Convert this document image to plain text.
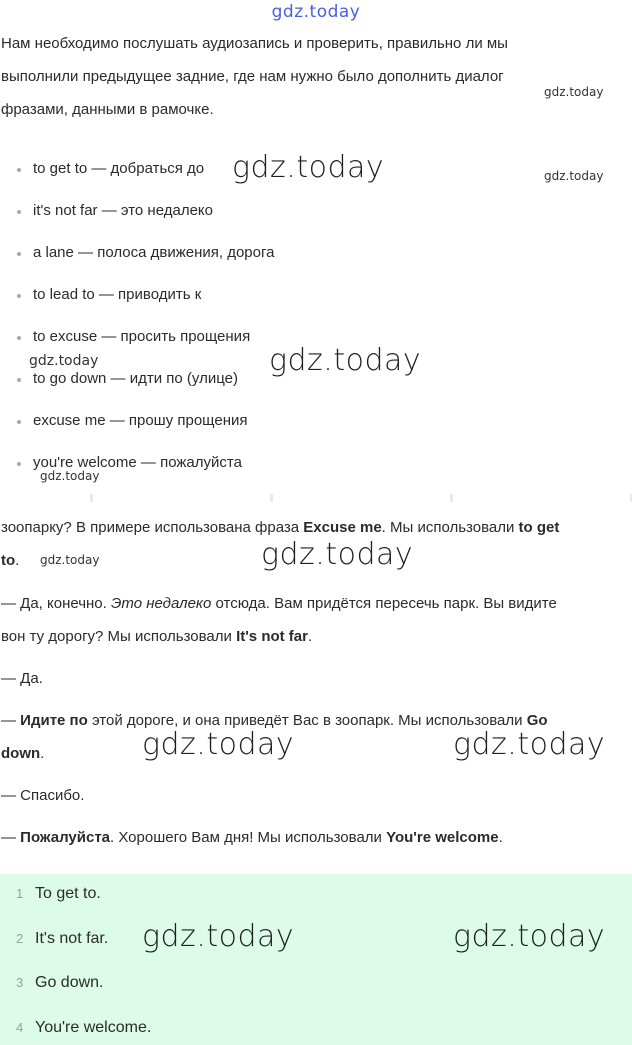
gdz.today

Нам необходимо послушать аудиозапись и проверить, правильно ли мы

выполнили предыдущее задние, где нам нужно было дополнить диалог

фразами, данными в рамочке.

to get to — добраться до
it's not far — это недалеко
a lane — полоса движения, дорога
to lead to — приводить к
to excuse — просить прощения
to go down — идти по (улице)
excuse me — прошу прощения
you're welcome — пожалуйста

зоопарку? В примере использована фраза Excuse me. Мы использовали to get

to.

— Да, конечно. Это недалеко отсюда. Вам придётся пересечь парк. Вы видите

вон ту дорогу? Мы использовали It's not far.

— Да.

— Идите по этой дороге, и она приведёт Вас в зоопарк. Мы использовали Go

down.

— Спасибо.

— Пожалуйста. Хорошего Вам дня! Мы использовали You're welcome.

1 To get to.
2 It's not far.
3 Go down.
4 You're welcome.
gdz.today
gdz.today	gdz.today
gdz.today	gdz.today
gdz.today
gdz.today
gdz.today
gdz.today	gdz.today
gdz.today	gdz.today
